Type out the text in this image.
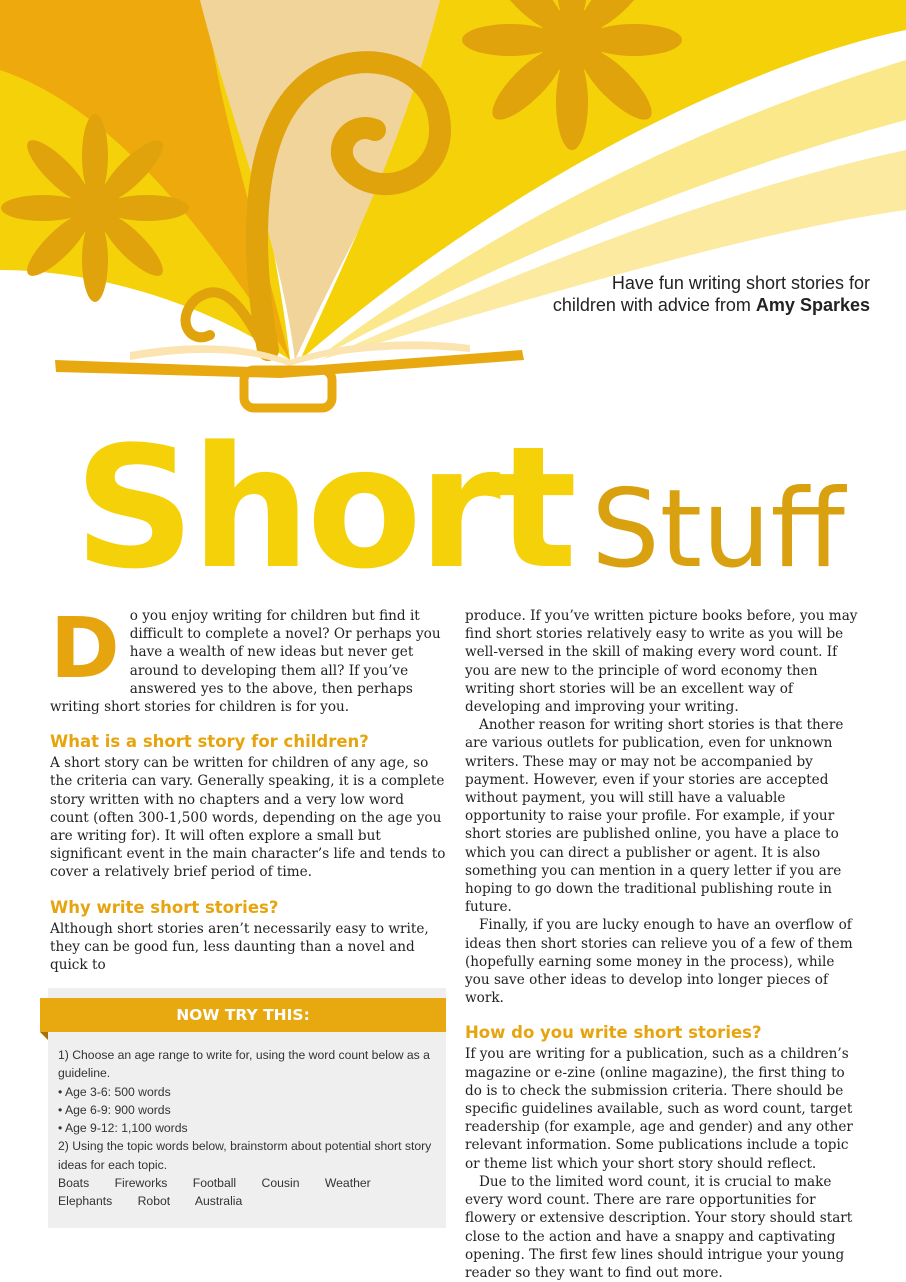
Have fun writing short stories for
children with advice from Amy Sparkes
Short Stuff

Do you enjoy writing for children but find it difficult to complete a novel? Or perhaps you have a wealth of new ideas but never get around to developing them all? If you’ve answered yes to the above, then perhaps writing short stories for children is for you.

What is a short story for children?

A short story can be written for children of any age, so the criteria can vary. Generally speaking, it is a complete story written with no chapters and a very low word count (often 300-1,500 words, depending on the age you are writing for). It will often explore a small but significant event in the main character’s life and tends to cover a relatively brief period of time.

Why write short stories?

Although short stories aren’t necessarily easy to write, they can be good fun, less daunting than a novel and quick to

produce. If you’ve written picture books before, you may find short stories relatively easy to write as you will be well-versed in the skill of making every word count. If you are new to the principle of word economy then writing short stories will be an excellent way of developing and improving your writing.

Another reason for writing short stories is that there are various outlets for publication, even for unknown writers. These may or may not be accompanied by payment. However, even if your stories are accepted without payment, you will still have a valuable opportunity to raise your profile. For example, if your short stories are published online, you have a place to which you can direct a publisher or agent. It is also something you can mention in a query letter if you are hoping to go down the traditional publishing route in future.

Finally, if you are lucky enough to have an overflow of ideas then short stories can relieve you of a few of them (hopefully earning some money in the process), while you save other ideas to develop into longer pieces of work.

How do you write short stories?

If you are writing for a publication, such as a children’s magazine or e-zine (online magazine), the first thing to do is to check the submission criteria. There should be specific guidelines available, such as word count, target readership (for example, age and gender) and any other relevant information. Some publications include a topic or theme list which your short story should reflect.

Due to the limited word count, it is crucial to make every word count. There are rare opportunities for flowery or extensive description. Your story should start close to the action and have a snappy and captivating opening. The first few lines should intrigue your young reader so they want to find out more.

NOW TRY THIS:
1) Choose an age range to write for, using the word count below as a guideline.
• Age 3-6: 500 words
• Age 6-9: 900 words
• Age 9-12: 1,100 words
2) Using the topic words below, brainstorm about potential short story ideas for each topic.
Boats Fireworks Football Cousin Weather
Elephants Robot Australia
